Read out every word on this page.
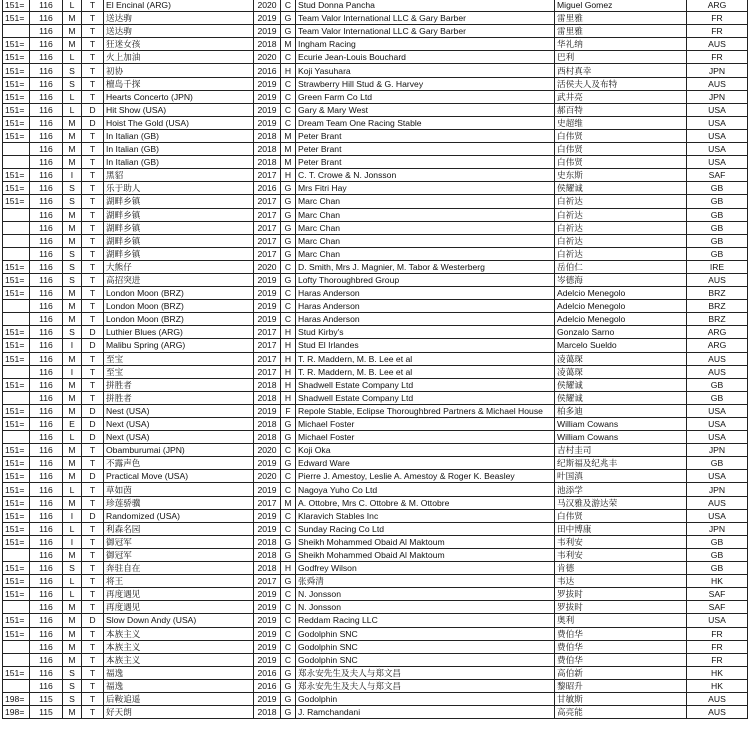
151=	116	L	T	El Encinal (ARG)	2020	C	Stud Donna Pancha	Miguel Gomez	ARG
151=	116	M	T	送达驹	2019	G	Team Valor International LLC & Gary Barber	雷里雅	FR
	116	M	T	送达驹	2019	G	Team Valor International LLC & Gary Barber	雷里雅	FR
151=	116	M	T	狂迷女孩	2018	M	Ingham Racing	华礼纳	AUS
151=	116	L	T	火上加油	2020	C	Ecurie Jean-Louis Bouchard	巴利	FR
151=	116	S	T	初协	2016	H	Koji Yasuhara	西村真幸	JPN
151=	116	S	T	檀岛千探	2019	C	Strawberry Hill Stud & G. Harvey	活侯夫人及布特	AUS
151=	116	L	T	Hearts Concerto (JPN)	2019	C	Green Farm Co Ltd	武井亮	JPN
151=	116	L	D	Hit Show (USA)	2019	C	Gary & Mary West	郝百特	USA
151=	116	M	D	Hoist The Gold (USA)	2019	C	Dream Team One Racing Stable	史超维	USA
151=	116	M	T	In Italian (GB)	2018	M	Peter Brant	白伟贤	USA
	116	M	T	In Italian (GB)	2018	M	Peter Brant	白伟贤	USA
	116	M	T	In Italian (GB)	2018	M	Peter Brant	白伟贤	USA
151=	116	I	T	黑貂	2017	H	C. T. Crowe & N. Jonsson	史东斯	SAF
151=	116	S	T	乐于助人	2016	G	Mrs Fitri Hay	侯耀诚	GB
151=	116	S	T	湖畔乡镇	2017	G	Marc Chan	白祈达	GB
	116	M	T	湖畔乡镇	2017	G	Marc Chan	白祈达	GB
	116	M	T	湖畔乡镇	2017	G	Marc Chan	白祈达	GB
	116	M	T	湖畔乡镇	2017	G	Marc Chan	白祈达	GB
	116	S	T	湖畔乡镇	2017	G	Marc Chan	白祈达	GB
151=	116	S	T	大熊仔	2020	C	D. Smith, Mrs J. Magnier, M. Tabor & Westerberg	岳伯仁	IRE
151=	116	S	T	高招突进	2019	G	Lofty Thoroughbred Group	岑德海	AUS
151=	116	M	T	London Moon (BRZ)	2019	C	Haras Anderson	Adelcio Menegolo	BRZ
	116	M	T	London Moon (BRZ)	2019	C	Haras Anderson	Adelcio Menegolo	BRZ
	116	M	T	London Moon (BRZ)	2019	C	Haras Anderson	Adelcio Menegolo	BRZ
151=	116	S	D	Luthier Blues (ARG)	2017	H	Stud Kirby's	Gonzalo Sarno	ARG
151=	116	I	D	Malibu Spring (ARG)	2017	H	Stud El Irlandes	Marcelo Sueldo	ARG
151=	116	M	T	至宝	2017	H	T. R. Maddern, M. B. Lee et al	凌蔼琛	AUS
	116	I	T	至宝	2017	H	T. R. Maddern, M. B. Lee et al	凌蔼琛	AUS
151=	116	M	T	拼胜者	2018	H	Shadwell Estate Company Ltd	侯耀诚	GB
	116	M	T	拼胜者	2018	H	Shadwell Estate Company Ltd	侯耀诚	GB
151=	116	M	D	Nest (USA)	2019	F	Repole Stable, Eclipse Thoroughbred Partners & Michael House	柏多迪	USA
151=	116	E	D	Next (USA)	2018	G	Michael Foster	William Cowans	USA
	116	L	D	Next (USA)	2018	G	Michael Foster	William Cowans	USA
151=	116	M	T	Obamburumai (JPN)	2020	C	Koji Oka	吉村圭司	JPN
151=	116	M	T	不露声色	2019	G	Edward Ware	纪斯福及纪兆丰	GB
151=	116	M	D	Practical Move (USA)	2020	C	Pierre J. Amestoy, Leslie A. Amestoy & Roger K. Beasley	叶国滇	USA
151=	116	L	T	草如茵	2019	C	Nagoya Yuho Co Ltd	池添学	JPN
151=	116	M	T	珍莲骄骥	2017	M	A. Ottobre, Mrs C. Ottobre & M. Ottobre	马汉雅及游达荣	AUS
151=	116	I	D	Randomized (USA)	2019	C	Klaravich Stables Inc	白伟贤	USA
151=	116	L	T	利森名园	2019	C	Sunday Racing Co Ltd	田中博康	JPN
151=	116	I	T	御冠军	2018	G	Sheikh Mohammed Obaid Al Maktoum	韦利安	GB
	116	M	T	御冠军	2018	G	Sheikh Mohammed Obaid Al Maktoum	韦利安	GB
151=	116	S	T	奔驻自在	2018	H	Godfrey Wilson	肯德	GB
151=	116	L	T	将王	2017	G	张舜清	韦达	HK
151=	116	L	T	再度遇见	2019	C	N. Jonsson	罗拔时	SAF
	116	M	T	再度遇见	2019	C	N. Jonsson	罗拔时	SAF
151=	116	M	D	Slow Down Andy (USA)	2019	C	Reddam Racing LLC	奥利	USA
151=	116	M	T	本族主义	2019	C	Godolphin SNC	费伯华	FR
	116	M	T	本族主义	2019	C	Godolphin SNC	费伯华	FR
	116	M	T	本族主义	2019	C	Godolphin SNC	费伯华	FR
151=	116	S	T	福逸	2016	G	郑永安先生及夫人与郑文昌	高伯新	HK
	116	S	T	福逸	2016	G	郑永安先生及夫人与郑文昌	黎昭升	HK
198=	115	S	T	后鞍追遥	2019	G	Godolphin	甘敏斯	AUS
198=	115	M	T	好天朗	2018	G	J. Ramchandani	高亮能	AUS
